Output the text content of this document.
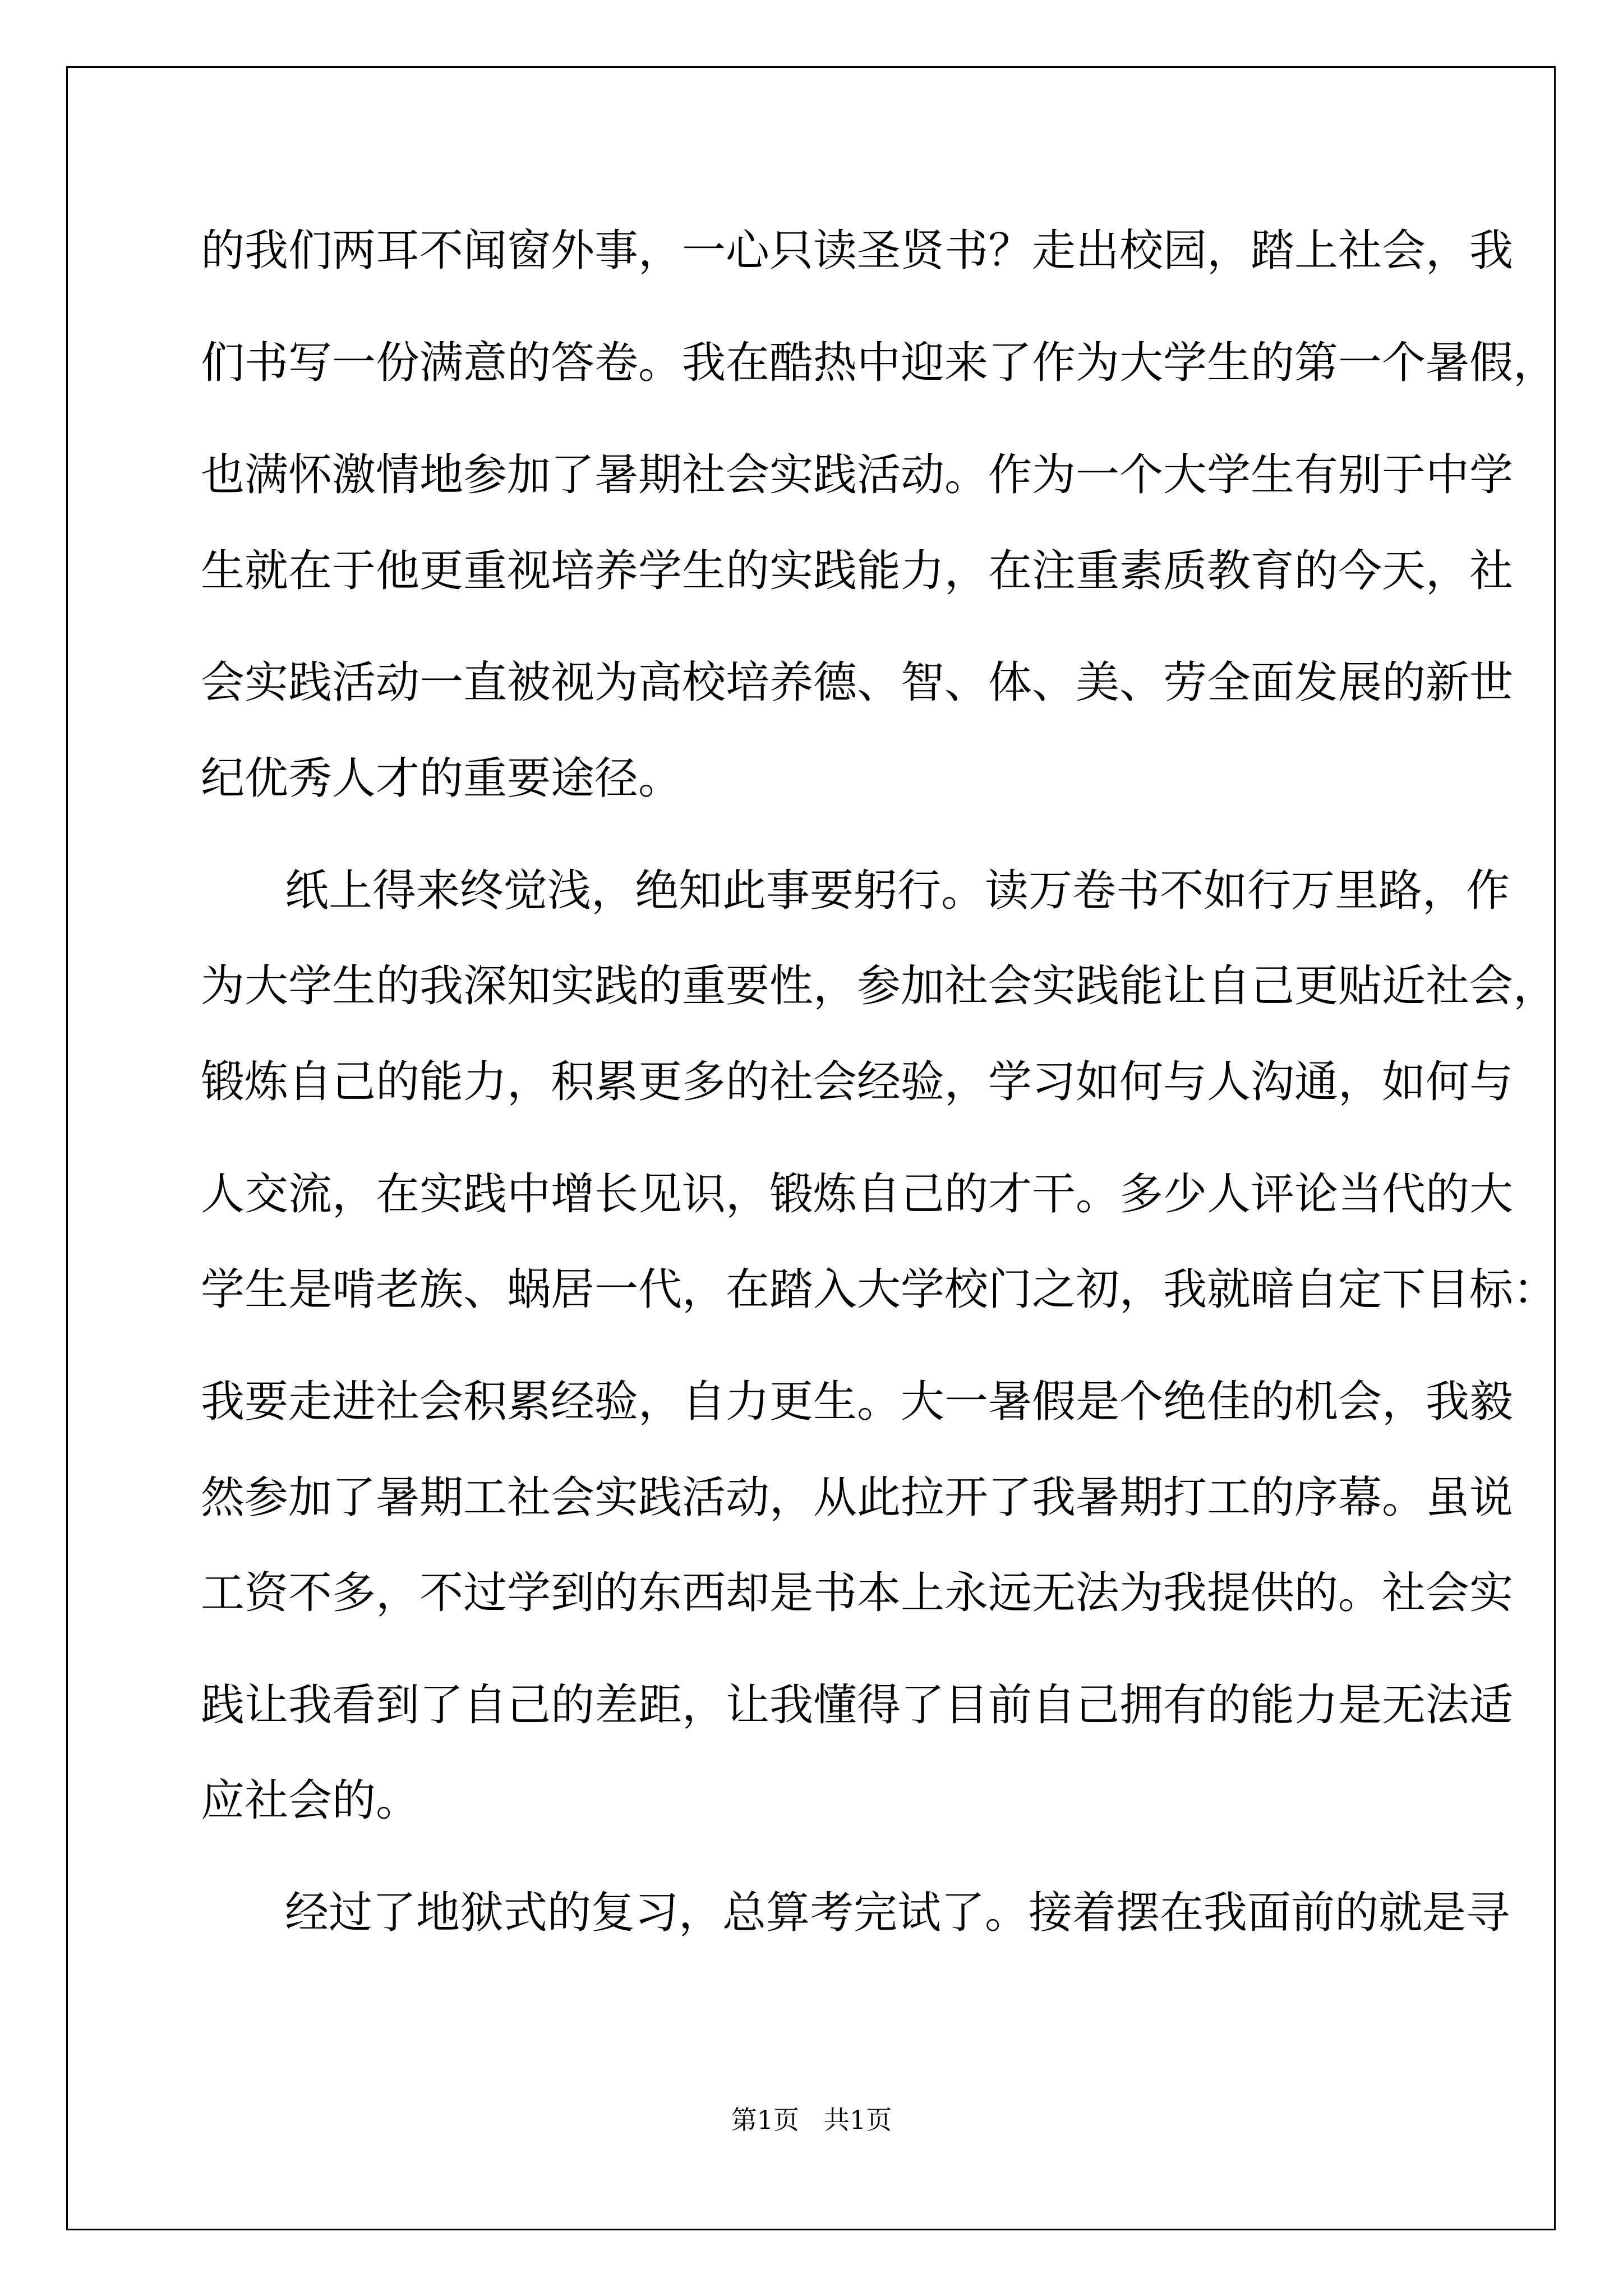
的我们两耳不闻窗外事，一心只读圣贤书？走出校园，踏上社会，我
们书写一份满意的答卷。我在酷热中迎来了作为大学生的第一个暑假，
也满怀激情地参加了暑期社会实践活动。作为一个大学生有别于中学
生就在于他更重视培养学生的实践能力，在注重素质教育的今天，社
会实践活动一直被视为高校培养德、智、体、美、劳全面发展的新世
纪优秀人才的重要途径。
纸上得来终觉浅，绝知此事要躬行。读万卷书不如行万里路，作
为大学生的我深知实践的重要性，参加社会实践能让自己更贴近社会，
锻炼自己的能力，积累更多的社会经验，学习如何与人沟通，如何与
人交流，在实践中增长见识，锻炼自己的才干。多少人评论当代的大
学生是啃老族、蜗居一代，在踏入大学校门之初，我就暗自定下目标：
我要走进社会积累经验，自力更生。大一暑假是个绝佳的机会，我毅
然参加了暑期工社会实践活动，从此拉开了我暑期打工的序幕。虽说
工资不多，不过学到的东西却是书本上永远无法为我提供的。社会实
践让我看到了自己的差距，让我懂得了目前自己拥有的能力是无法适
应社会的。
经过了地狱式的复习，总算考完试了。接着摆在我面前的就是寻
第1页 共1页
